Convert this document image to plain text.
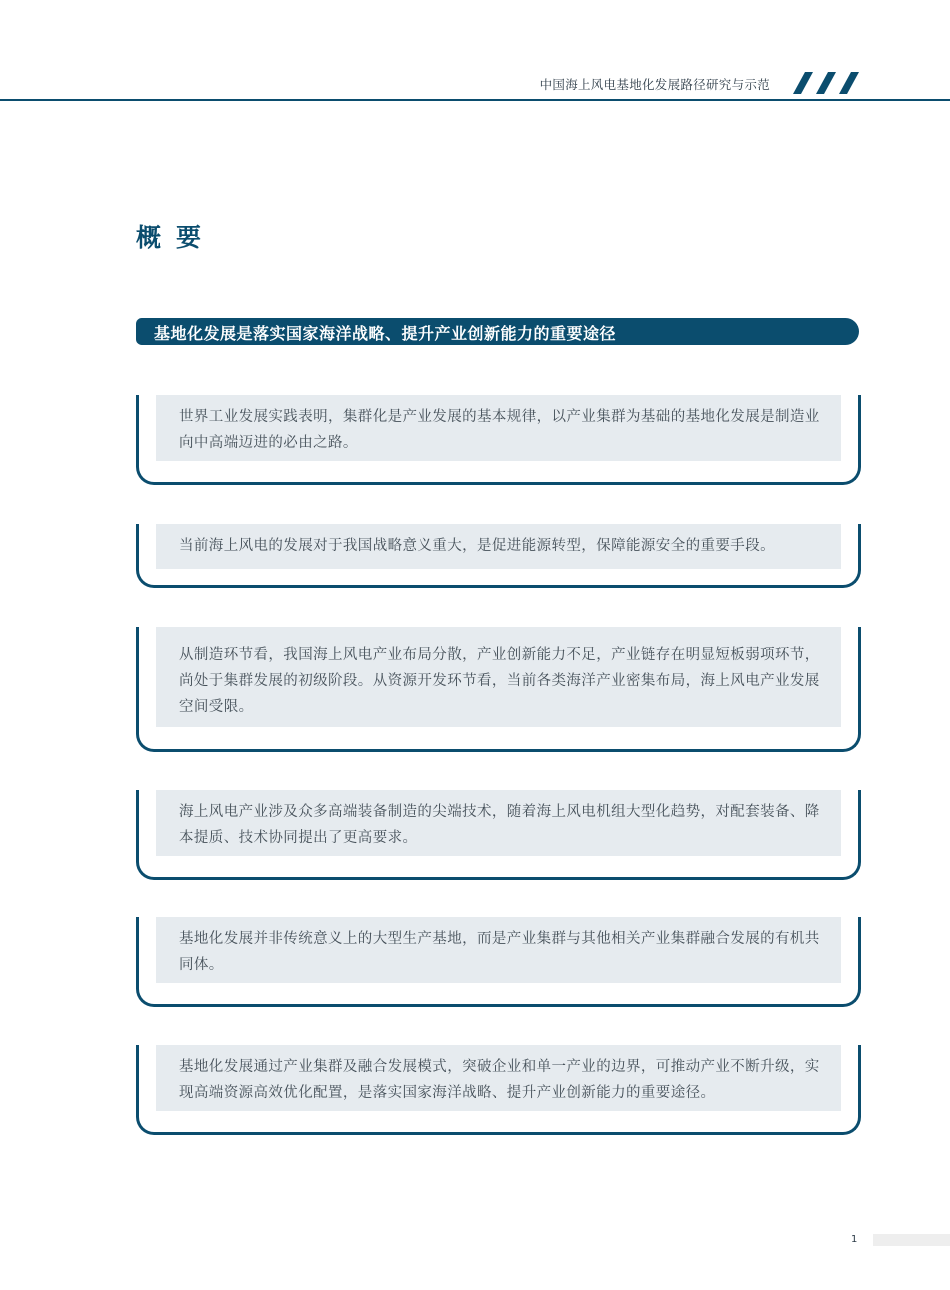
中国海上风电基地化发展路径研究与示范
概要
基地化发展是落实国家海洋战略、提升产业创新能力的重要途径
世界工业发展实践表明，集群化是产业发展的基本规律，以产业集群为基础的基地化发展是制造业向中高端迈进的必由之路。
当前海上风电的发展对于我国战略意义重大，是促进能源转型，保障能源安全的重要手段。
从制造环节看，我国海上风电产业布局分散，产业创新能力不足，产业链存在明显短板弱项环节，尚处于集群发展的初级阶段。从资源开发环节看，当前各类海洋产业密集布局，海上风电产业发展空间受限。
海上风电产业涉及众多高端装备制造的尖端技术，随着海上风电机组大型化趋势，对配套装备、降本提质、技术协同提出了更高要求。
基地化发展并非传统意义上的大型生产基地，而是产业集群与其他相关产业集群融合发展的有机共同体。
基地化发展通过产业集群及融合发展模式，突破企业和单一产业的边界，可推动产业不断升级，实现高端资源高效优化配置，是落实国家海洋战略、提升产业创新能力的重要途径。
1
